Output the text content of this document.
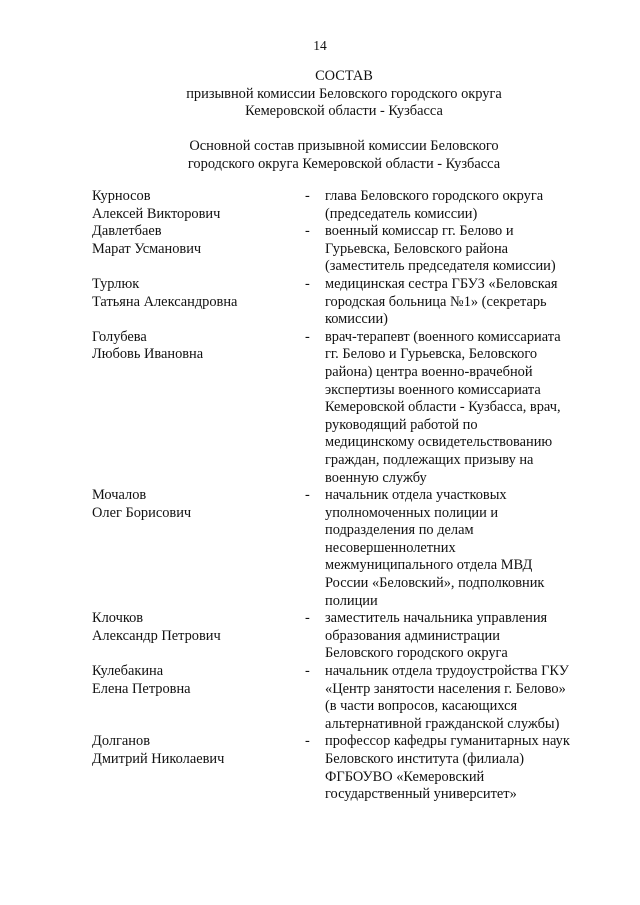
14
СОСТАВ
призывной комиссии Беловского городского округа
Кемеровской области - Кузбасса
Основной состав призывной комиссии Беловского
городского округа Кемеровской области - Кузбасса
Курносов
Алексей Викторович
- глава Беловского городского округа
(председатель комиссии)
Давлетбаев
Марат Усманович
- военный комиссар гг. Белово и
Гурьевска, Беловского района
(заместитель председателя комиссии)
Турлюк
Татьяна Александровна
- медицинская сестра ГБУЗ «Беловская
городская больница №1» (секретарь
комиссии)
Голубева
Любовь Ивановна
- врач-терапевт (военного комиссариата
гг. Белово и Гурьевска, Беловского
района) центра военно-врачебной
экспертизы военного комиссариата
Кемеровской области - Кузбасса, врач,
руководящий работой по
медицинскому освидетельствованию
граждан, подлежащих призыву на
военную службу
Мочалов
Олег Борисович
- начальник отдела участковых
уполномоченных полиции и
подразделения по делам
несовершеннолетних
межмуниципального отдела МВД
России «Беловский», подполковник
полиции
Клочков
Александр Петрович
- заместитель начальника управления
образования администрации
Беловского городского округа
Кулебакина
Елена Петровна
- начальник отдела трудоустройства ГКУ
«Центр занятости населения г. Белово»
(в части вопросов, касающихся
альтернативной гражданской службы)
Долганов
Дмитрий Николаевич
- профессор кафедры гуманитарных наук
Беловского института (филиала)
ФГБОУВО «Кемеровский
государственный университет»
